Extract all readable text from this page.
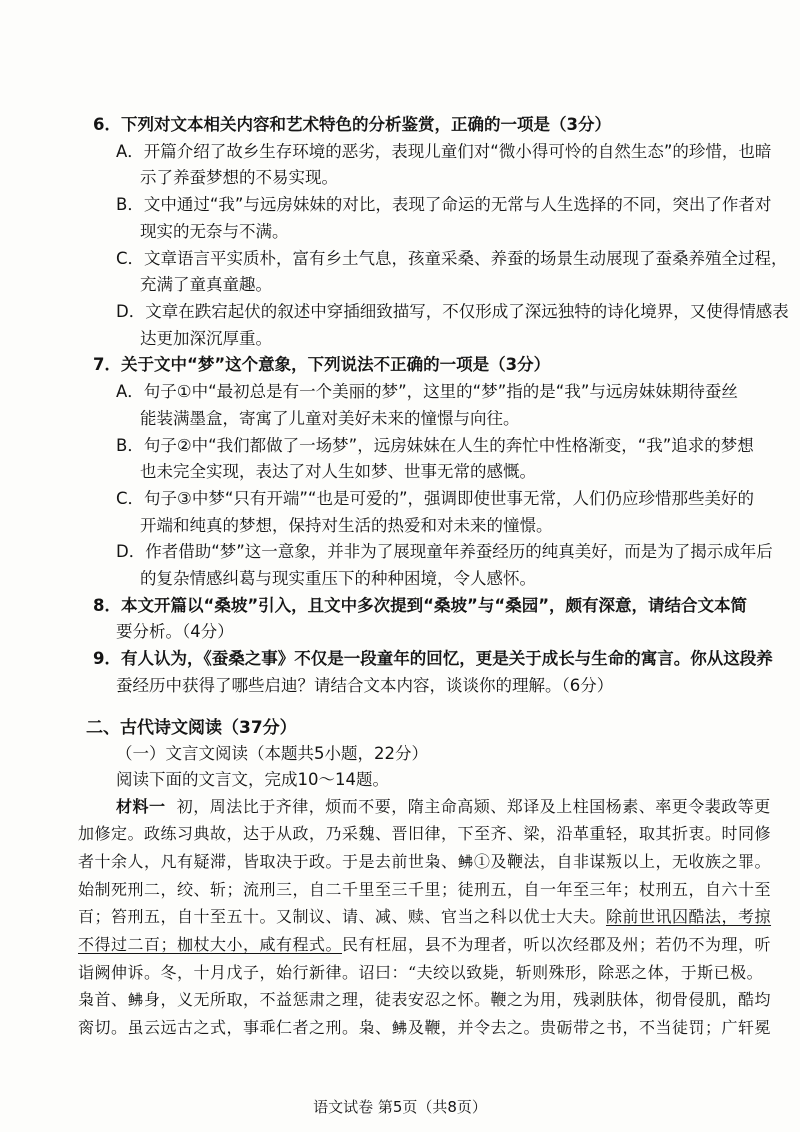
6．下列对文本相关内容和艺术特色的分析鉴赏，正确的一项是（3分）
A．开篇介绍了故乡生存环境的恶劣，表现儿童们对“微小得可怜的自然生态”的珍惜，也暗
示了养蚕梦想的不易实现。
B．文中通过“我”与远房妹妹的对比，表现了命运的无常与人生选择的不同，突出了作者对
现实的无奈与不满。
C．文章语言平实质朴，富有乡土气息，孩童采桑、养蚕的场景生动展现了蚕桑养殖全过程，
充满了童真童趣。
D．文章在跌宕起伏的叙述中穿插细致描写，不仅形成了深远独特的诗化境界，又使得情感表
达更加深沉厚重。
7．关于文中“梦”这个意象，下列说法不正确的一项是（3分）
A．句子①中“最初总是有一个美丽的梦”，这里的“梦”指的是“我”与远房妹妹期待蚕丝
能装满墨盒，寄寓了儿童对美好未来的憧憬与向往。
B．句子②中“我们都做了一场梦”，远房妹妹在人生的奔忙中性格渐变，“我”追求的梦想
也未完全实现，表达了对人生如梦、世事无常的感慨。
C．句子③中梦“只有开端”“也是可爱的”，强调即使世事无常，人们仍应珍惜那些美好的
开端和纯真的梦想，保持对生活的热爱和对未来的憧憬。
D．作者借助“梦”这一意象，并非为了展现童年养蚕经历的纯真美好，而是为了揭示成年后
的复杂情感纠葛与现实重压下的种种困境，令人感怀。
8．本文开篇以“桑坡”引入，且文中多次提到“桑坡”与“桑园”，颇有深意，请结合文本简
要分析。（4分）
9．有人认为，《蚕桑之事》不仅是一段童年的回忆，更是关于成长与生命的寓言。你从这段养
蚕经历中获得了哪些启迪？请结合文本内容，谈谈你的理解。（6分）
二、古代诗文阅读（37分）
（一）文言文阅读（本题共5小题，22分）
阅读下面的文言文，完成10～14题。
材料一 初，周法比于齐律，烦而不要，隋主命高颎、郑译及上柱国杨素、率更令裴政等更
加修定。政练习典故，达于从政，乃采魏、晋旧律，下至齐、梁，沿革重轻，取其折衷。时同修
者十余人，凡有疑滞，皆取决于政。于是去前世枭、𫚒①及鞭法，自非谋叛以上，无收族之罪。
始制死刑二，绞、斩；流刑三，自二千里至三千里；徒刑五，自一年至三年；杖刑五，自六十至
百；笞刑五，自十至五十。又制议、请、减、赎、官当之科以优士大夫。除前世讯囚酷法，考掠
不得过二百；枷杖大小，咸有程式。民有枉屈，县不为理者，听以次经郡及州；若仍不为理，听
诣阙伸诉。冬，十月戊子，始行新律。诏曰：“夫绞以致毙，斩则殊形，除恶之体，于斯已极。
枭首、𫚒身，义无所取，不益惩肃之理，徒表安忍之怀。鞭之为用，残剥肤体，彻骨侵肌，酷均
脔切。虽云远古之式，事乖仁者之刑。枭、𫚒及鞭，并令去之。贵砺带之书，不当徒罚；广轩冕
语文试卷 第5页（共8页）
